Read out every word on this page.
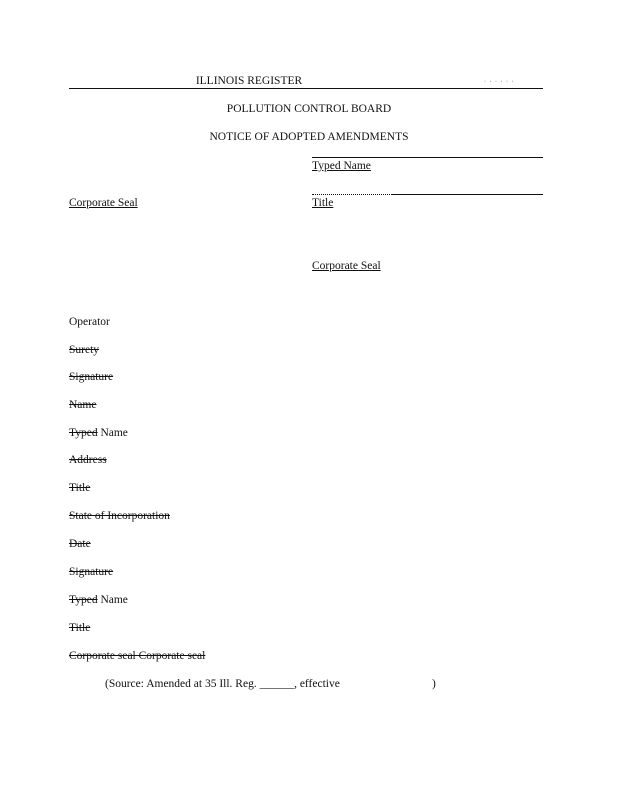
ILLINOIS REGISTER	· · · · · ·
POLLUTION CONTROL BOARD
NOTICE OF ADOPTED AMENDMENTS
Typed Name
Title
Corporate Seal
Corporate Seal
Operator
Surety
Signature
Name
Typed Name
Address
Title
State of Incorporation
Date
Signature
Typed Name
Title
Corporate seal Corporate seal
(Source: Amended at 35 Ill. Reg. ______, effective	)
